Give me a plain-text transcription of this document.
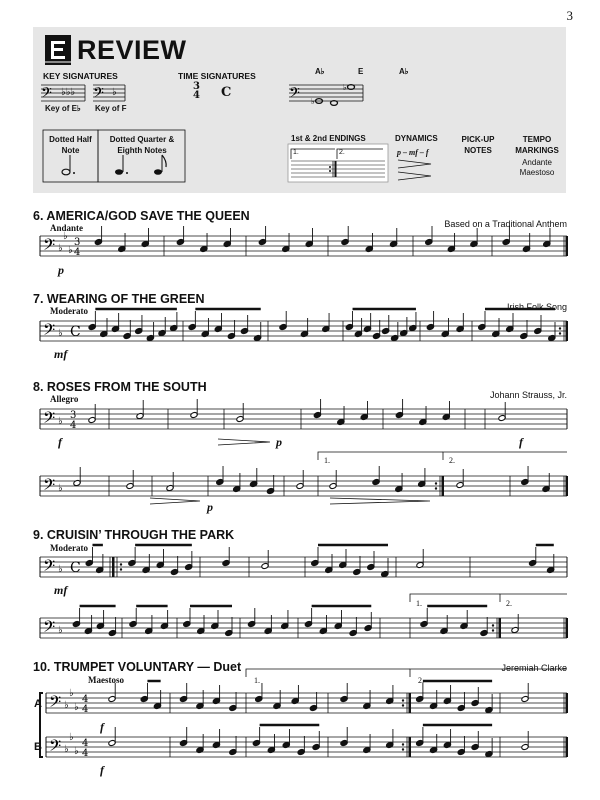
3
REVIEW
KEY SIGNATURES	TIME SIGNATURES
𝄢 ♭♭♭ 𝄢 ♭	𝄢 ♭
♭
Key of E♭ Key of F
3
4 C
A♭	E	A♭
Dotted Half Note
Dotted Quarter & Eighth Notes
1st & 2nd ENDINGS
1.	2.
DYNAMICS
p – mf – f
PICK-UP NOTES
TEMPO MARKINGS
Andante
Maestoso
6. AMERICA/GOD SAVE THE QUEEN
Based on a Traditional Anthem
Andante
7. WEARING OF THE GREEN
Irish Folk Song
Moderato
8. ROSES FROM THE SOUTH
Johann Strauss, Jr.
Allegro
9. CRUISIN’ THROUGH THE PARK
Moderato
10. TRUMPET VOLUNTARY — Duet	Jeremiah Clarke
Maestoso
p
mf
f	p	f
p
1.	2.
mf
1.	2.
f
f
A
B
1.	2.
𝄢 ♭
♭
♭
3
4
𝄢 ♭ C
𝄢 ♭
3
4
𝄢 ♭
𝄢 ♭ C
𝄢 ♭
𝄢
𝄢
♭
♭
♭
4
4
♭
♭
♭
4
4
